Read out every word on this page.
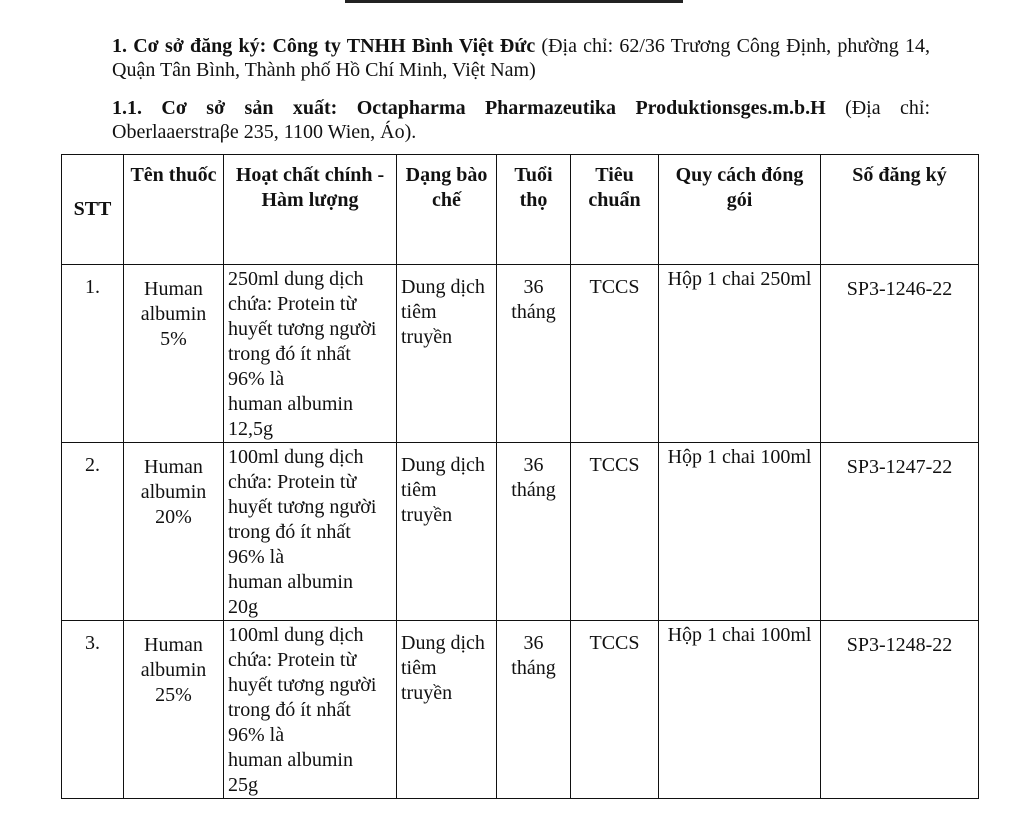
1. Cơ sở đăng ký: Công ty TNHH Bình Việt Đức (Địa chỉ: 62/36 Trương Công Định, phường 14, Quận Tân Bình, Thành phố Hồ Chí Minh, Việt Nam)
1.1. Cơ sở sản xuất: Octapharma Pharmazeutika Produktionsges.m.b.H (Địa chỉ: Oberlaaerstraβe 235, 1100 Wien, Áo).
STT	Tên thuốc	Hoạt chất chính - Hàm lượng	Dạng bào chế	Tuổi thọ	Tiêu chuẩn	Quy cách đóng gói	Số đăng ký
1.	Human albumin 5%	250ml dung dịch chứa: Protein từ huyết tương người trong đó ít nhất 96% là
human albumin
12,5g	Dung dịch tiêm truyền	36 tháng	TCCS	Hộp 1 chai 250ml	SP3-1246-22
2.	Human albumin 20%	100ml dung dịch chứa: Protein từ huyết tương người trong đó ít nhất 96% là
human albumin
20g	Dung dịch tiêm truyền	36 tháng	TCCS	Hộp 1 chai 100ml	SP3-1247-22
3.	Human albumin 25%	100ml dung dịch chứa: Protein từ huyết tương người trong đó ít nhất 96% là
human albumin
25g	Dung dịch tiêm truyền	36 tháng	TCCS	Hộp 1 chai 100ml	SP3-1248-22
